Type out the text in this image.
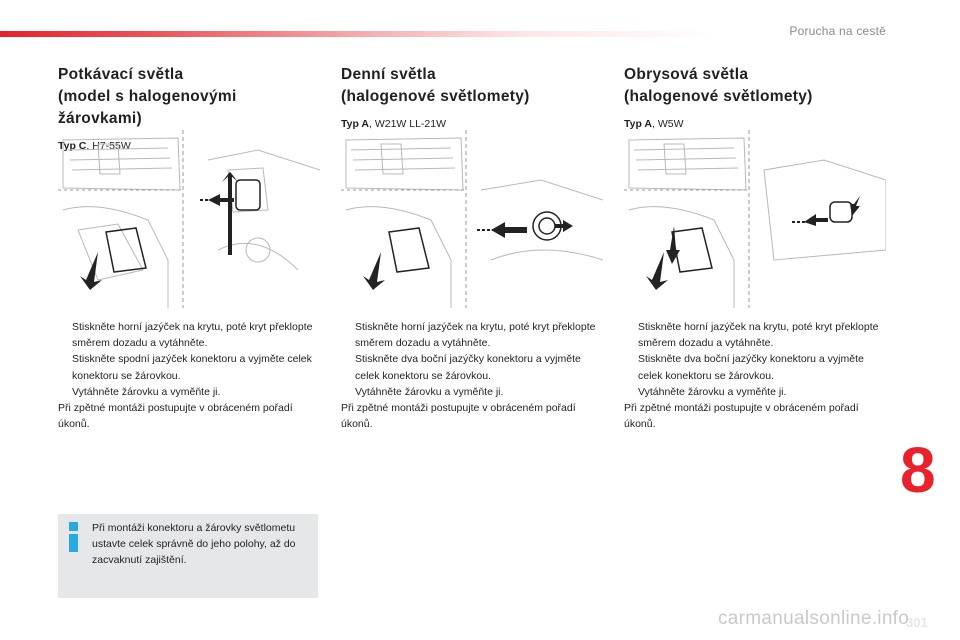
Porucha na cestě
Potkávací světla
(model s halogenovými žárovkami)
Typ C, H7-55W
Denní světla
(halogenové světlomety)
Typ A, W21W LL-21W
Obrysová světla
(halogenové světlomety)
Typ A, W5W
Stiskněte horní jazýček na krytu, poté kryt překlopte směrem dozadu a vytáhněte.
Stiskněte spodní jazýček konektoru a vyjměte celek konektoru se žárovkou.
Vytáhněte žárovku a vyměňte ji.
Při zpětné montáži postupujte v obráceném pořadí úkonů.
Stiskněte horní jazýček na krytu, poté kryt překlopte směrem dozadu a vytáhněte.
Stiskněte dva boční jazýčky konektoru a vyjměte celek konektoru se žárovkou.
Vytáhněte žárovku a vyměňte ji.
Při zpětné montáži postupujte v obráceném pořadí úkonů.
Stiskněte horní jazýček na krytu, poté kryt překlopte směrem dozadu a vytáhněte.
Stiskněte dva boční jazýčky konektoru a vyjměte celek konektoru se žárovkou.
Vytáhněte žárovku a vyměňte ji.
Při zpětné montáži postupujte v obráceném pořadí úkonů.
Při montáži konektoru a žárovky světlometu ustavte celek správně do jeho polohy, až do zacvaknutí zajištění.
8
301
carmanualsonline.info
